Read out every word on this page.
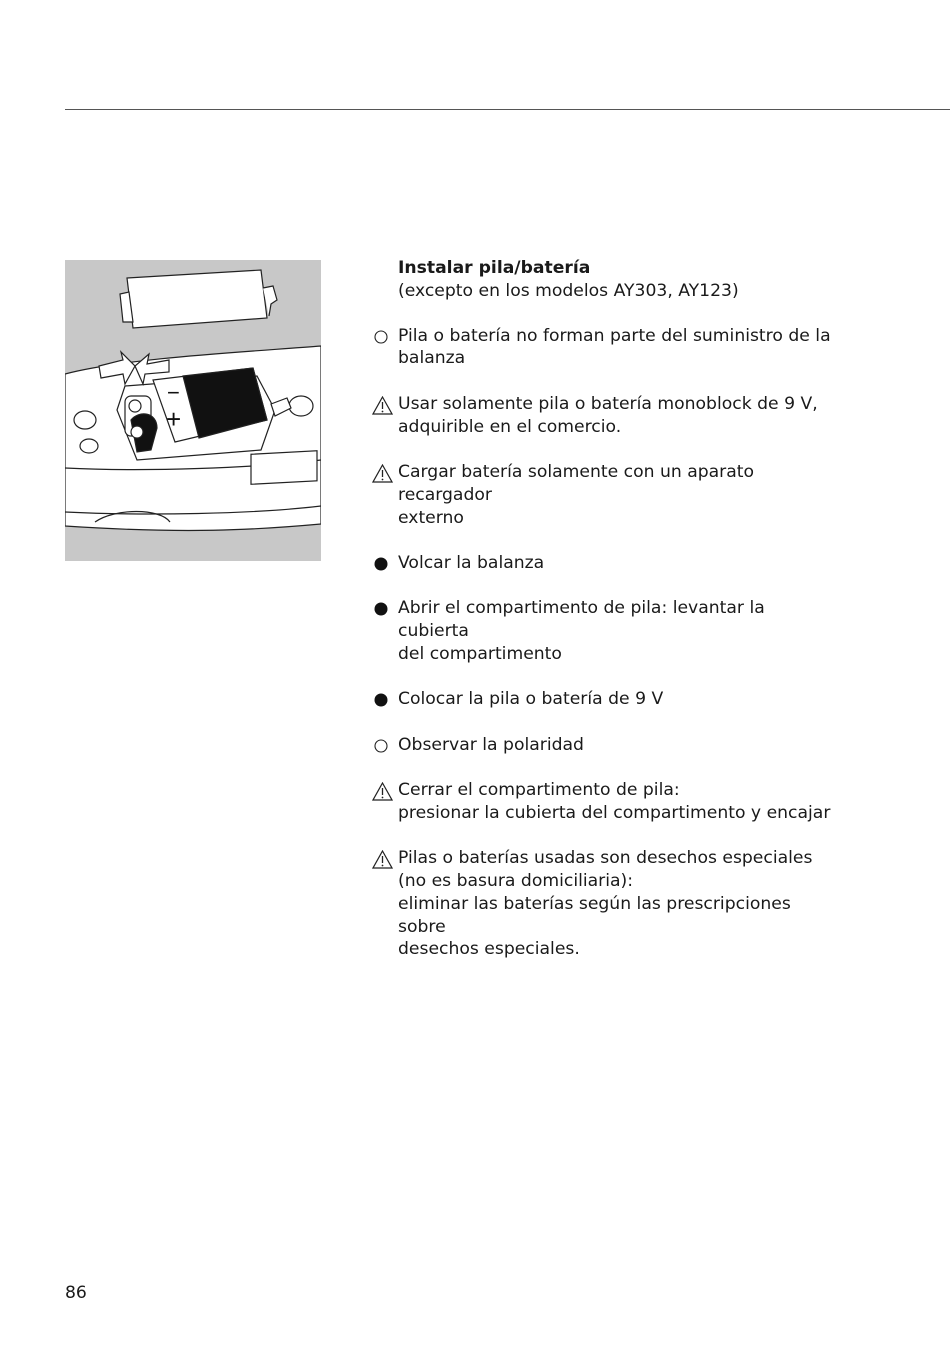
−
+
Instalar pila/batería
(excepto en los modelos AY303, AY123)
Pila o batería no forman parte del suministro de la
balanza
Usar solamente pila o batería monoblock de 9 V,
adquirible en el comercio.
Cargar batería solamente con un aparato recargador
externo
Volcar la balanza
Abrir el compartimento de pila: levantar la cubierta
del compartimento
Colocar la pila o batería de 9 V
Observar la polaridad
Cerrar el compartimento de pila:
presionar la cubierta del compartimento y encajar
Pilas o baterías usadas son desechos especiales
(no es basura domiciliaria):
eliminar las baterías según las prescripciones sobre
desechos especiales.
86
